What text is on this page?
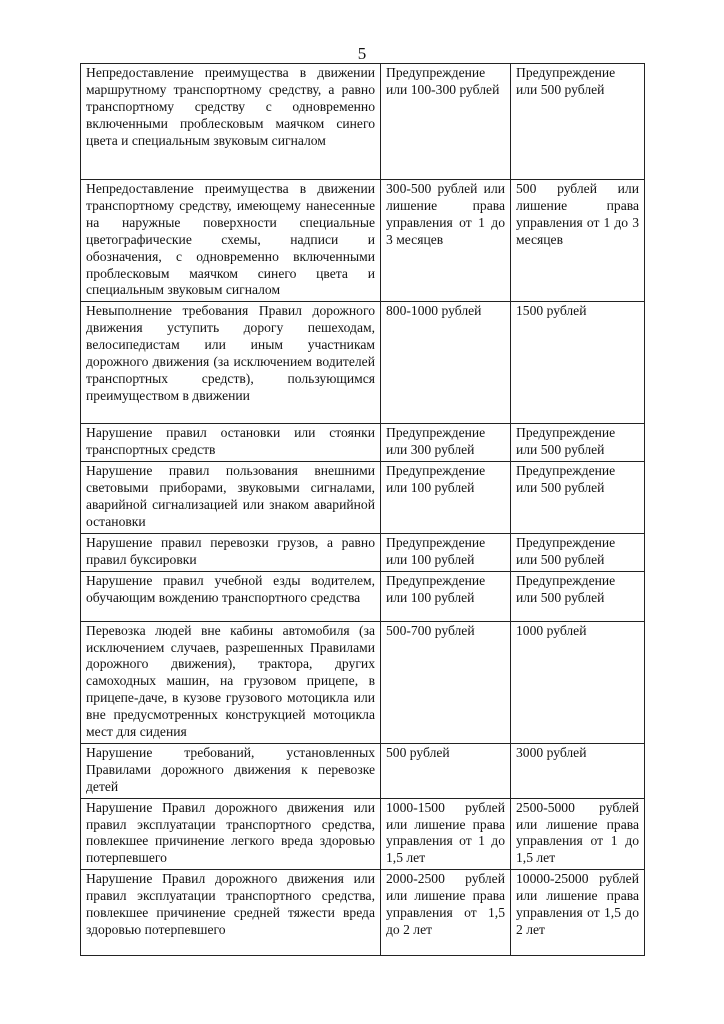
5
Непредоставление преимущества в движении маршрутному транспортному средству, а равно транспортному средству с одновременно включенными проблесковым маячком синего цвета и специальным звуковым сигналом	Предупреждение или 100-300 рублей	Предупреждение или 500 рублей
Непредоставление преимущества в движении транспортному средству, имеющему нанесенные на наружные поверхности специальные цветографические схемы, надписи и обозначения, с одновременно включенными проблесковым маячком синего цвета и специальным звуковым сигналом	300-500 рублей или лишение права управления от 1 до 3 месяцев	500 рублей или лишение права управления от 1 до 3 месяцев
Невыполнение требования Правил дорожного движения уступить дорогу пешеходам, велосипедистам или иным участникам дорожного движения (за исключением водителей транспортных средств), пользующимся преимуществом в движении	800-1000 рублей	1500 рублей
Нарушение правил остановки или стоянки транспортных средств	Предупреждение или 300 рублей	Предупреждение или 500 рублей
Нарушение правил пользования внешними световыми приборами, звуковыми сигналами, аварийной сигнализацией или знаком аварийной остановки	Предупреждение или 100 рублей	Предупреждение или 500 рублей
Нарушение правил перевозки грузов, а равно правил буксировки	Предупреждение или 100 рублей	Предупреждение или 500 рублей
Нарушение правил учебной езды водителем, обучающим вождению транспортного средства	Предупреждение или 100 рублей	Предупреждение или 500 рублей
Перевозка людей вне кабины автомобиля (за исключением случаев, разрешенных Правилами дорожного движения), трактора, других самоходных машин, на грузовом прицепе, в прицепе-даче, в кузове грузового мотоцикла или вне предусмотренных конструкцией мотоцикла мест для сидения	500-700 рублей	1000 рублей
Нарушение требований, установленных Правилами дорожного движения к перевозке детей	500 рублей	3000 рублей
Нарушение Правил дорожного движения или правил эксплуатации транспортного средства, повлекшее причинение легкого вреда здоровью потерпевшего	1000-1500 рублей или лишение права управления от 1 до 1,5 лет	2500-5000 рублей или лишение права управления от 1 до 1,5 лет
Нарушение Правил дорожного движения или правил эксплуатации транспортного средства, повлекшее причинение средней тяжести вреда здоровью потерпевшего	2000-2500 рублей или лишение права управления от 1,5 до 2 лет	10000-25000 рублей или лишение права управления от 1,5 до 2 лет
